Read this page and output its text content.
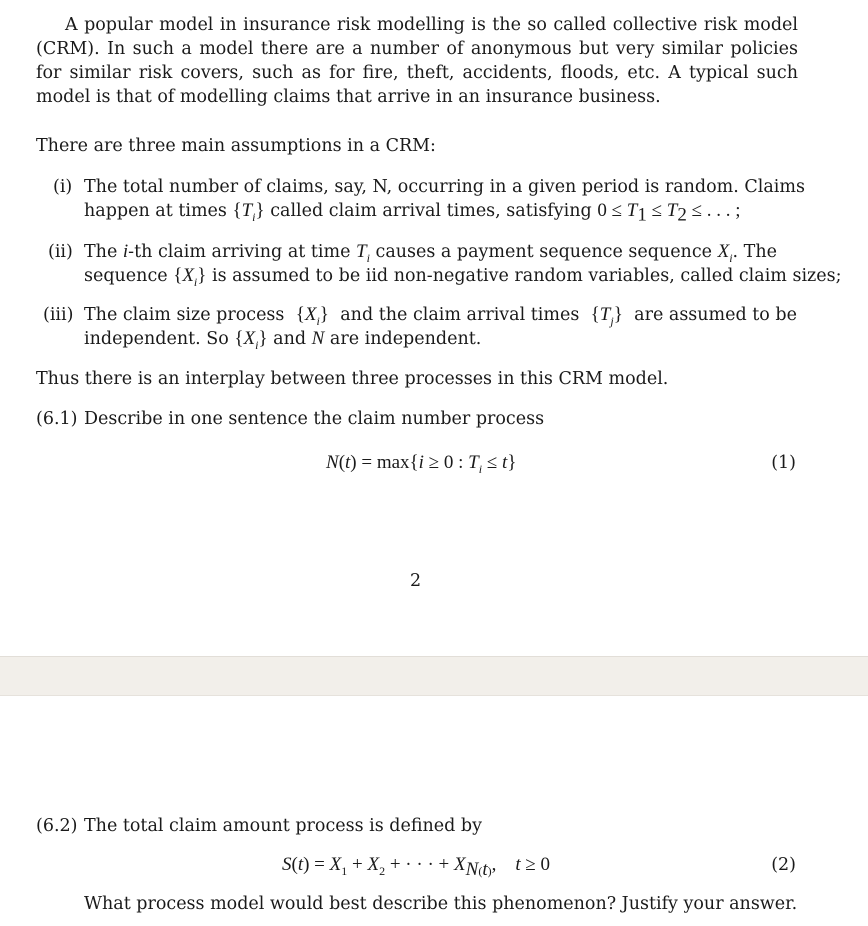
A popular model in insurance risk modelling is the so called collective risk model (CRM). In such a model there are a number of anonymous but very similar policies for similar risk covers, such as for fire, theft, accidents, floods, etc. A typical such model is that of modelling claims that arrive in an insurance business.
There are three main assumptions in a CRM:
(i) The total number of claims, say, N, occurring in a given period is random. Claims
happen at times $\{T_i\}$ called claim arrival times, satisfying $0 \le T_1 \le T_2$ ≤ . . . ;
(ii) The i-th claim arriving at time $T_i$ causes a payment sequence sequence $X_i$. The
sequence $\{X_i\}$ is assumed to be iid non-negative random variables, called claim sizes;
(iii) The claim size process $\{X_i\}$ and the claim arrival times $\{T_j\}$ are assumed to be
independent. So $\{X_i\}$ and N are independent.
Thus there is an interplay between three processes in this CRM model.
(6.1) Describe in one sentence the claim number process
N(t) = max{i ≥ 0 : $T_i \le t$}	(1)
2
(6.2) The total claim amount process is defined by
$S(t) = X_1 + X_2$ + · · · + $X_{N(t)}$,    t ≥ 0	(2)
What process model would best describe this phenomenon? Justify your answer.
